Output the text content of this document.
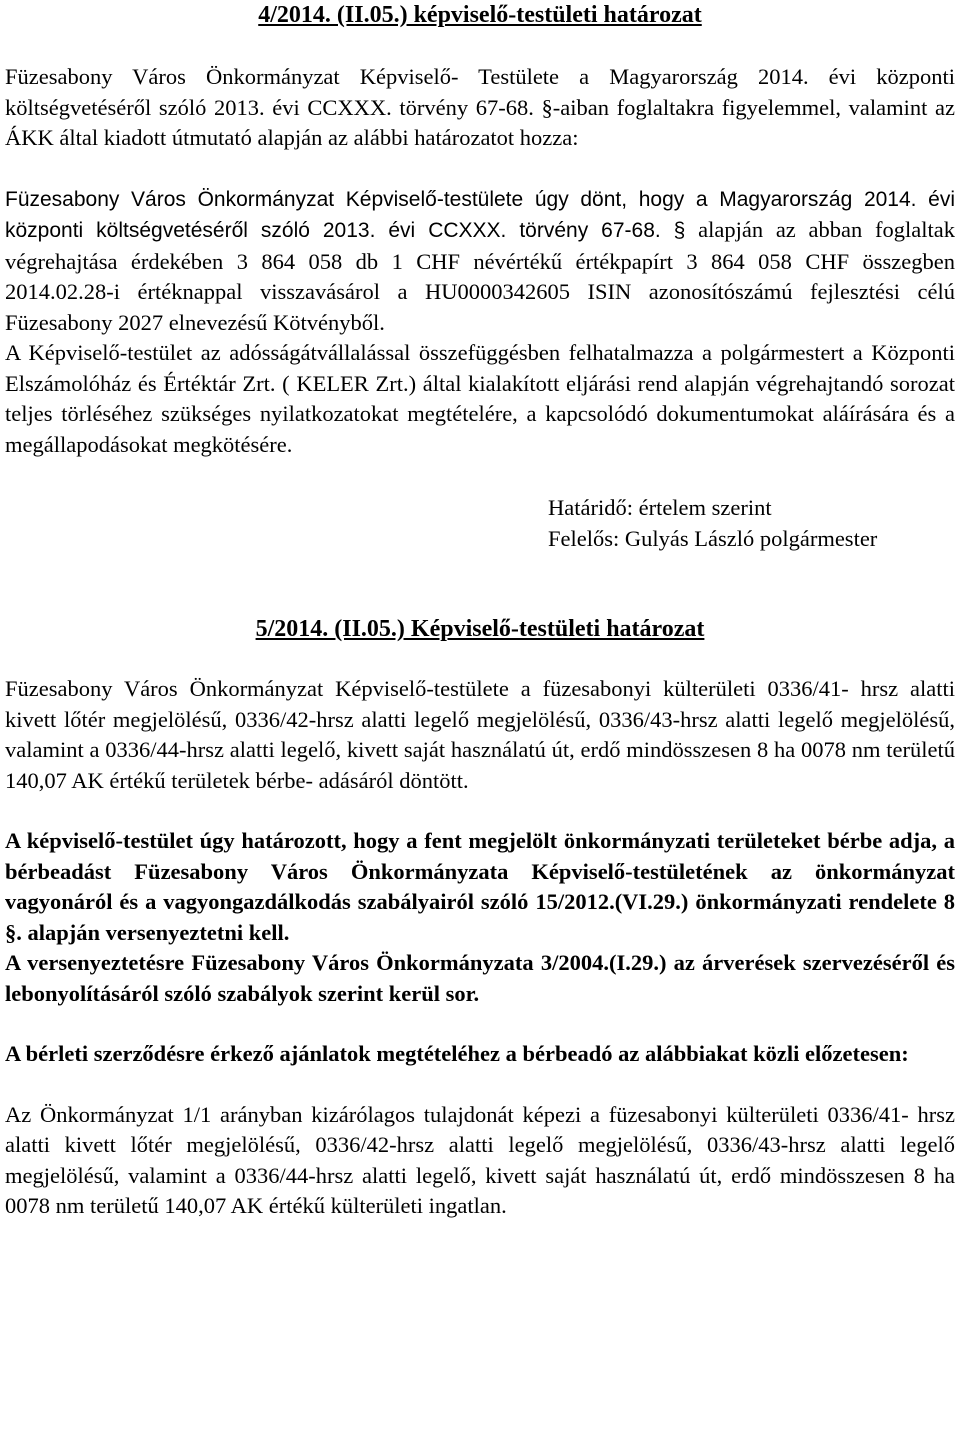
4/2014. (II.05.) képviselő-testületi határozat

Füzesabony Város Önkormányzat Képviselő- Testülete a Magyarország 2014. évi központi költségvetéséről szóló 2013. évi CCXXX. törvény 67-68. §-aiban foglaltakra figyelemmel, valamint az ÁKK által kiadott útmutató alapján az alábbi határozatot hozza:

Füzesabony Város Önkormányzat Képviselő-testülete úgy dönt, hogy a Magyarország 2014. évi központi költségvetéséről szóló 2013. évi CCXXX. törvény 67-68. § alapján az abban foglaltak végrehajtása érdekében 3 864 058 db 1 CHF névértékű értékpapírt 3 864 058 CHF összegben 2014.02.28-i értéknappal visszavásárol a HU0000342605 ISIN azonosítószámú fejlesztési célú Füzesabony 2027 elnevezésű Kötvényből.

A Képviselő-testület az adósságátvállalással összefüggésben felhatalmazza a polgármestert a Központi Elszámolóház és Értéktár Zrt. ( KELER Zrt.) által kialakított eljárási rend alapján végrehajtandó sorozat teljes törléséhez szükséges nyilatkozatokat megtételére, a kapcsolódó dokumentumokat aláírására és a megállapodásokat megkötésére.

Határidő: értelem szerint

Felelős: Gulyás László polgármester

5/2014. (II.05.) Képviselő-testületi határozat

Füzesabony Város Önkormányzat Képviselő-testülete a füzesabonyi külterületi 0336/41- hrsz alatti kivett lőtér megjelölésű, 0336/42-hrsz alatti legelő megjelölésű, 0336/43-hrsz alatti legelő megjelölésű, valamint a 0336/44-hrsz alatti legelő, kivett saját használatú út, erdő mindösszesen 8 ha 0078 nm területű 140,07 AK értékű területek bérbe- adásáról döntött.

A képviselő-testület úgy határozott, hogy a fent megjelölt önkormányzati területeket bérbe adja, a bérbeadást Füzesabony Város Önkormányzata Képviselő-testületének az önkormányzat vagyonáról és a vagyongazdálkodás szabályairól szóló 15/2012.(VI.29.) önkormányzati rendelete 8 §. alapján versenyeztetni kell.

A versenyeztetésre Füzesabony Város Önkormányzata 3/2004.(I.29.) az árverések szervezéséről és lebonyolításáról szóló szabályok szerint kerül sor.

A bérleti szerződésre érkező ajánlatok megtételéhez a bérbeadó az alábbiakat közli előzetesen:

Az Önkormányzat 1/1 arányban kizárólagos tulajdonát képezi a füzesabonyi külterületi 0336/41- hrsz alatti kivett lőtér megjelölésű, 0336/42-hrsz alatti legelő megjelölésű, 0336/43-hrsz alatti legelő megjelölésű, valamint a 0336/44-hrsz alatti legelő, kivett saját használatú út, erdő mindösszesen 8 ha 0078 nm területű 140,07 AK értékű külterületi ingatlan.
